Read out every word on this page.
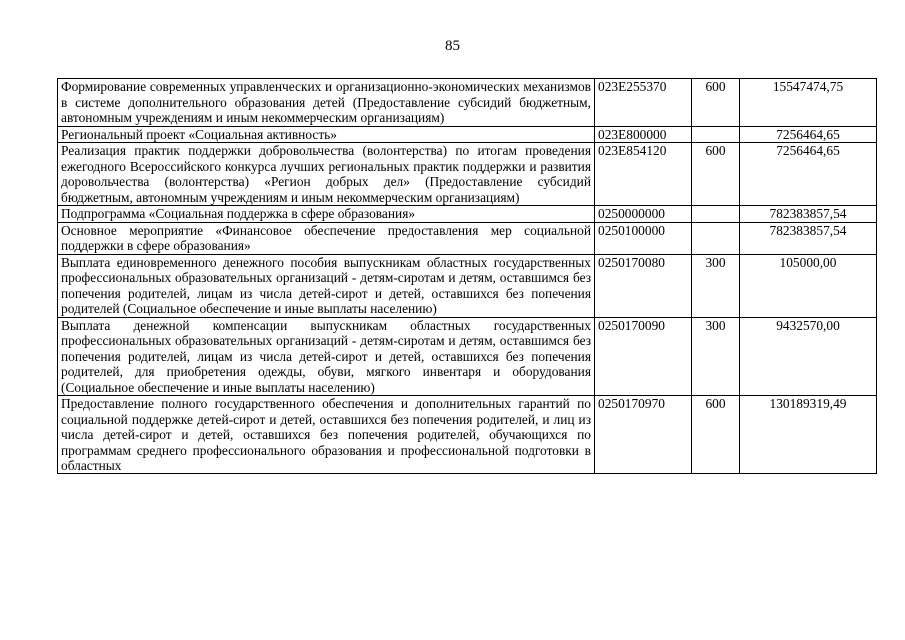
85
Формирование современных управленческих и организационно-экономических механизмов в системе дополнительного образования детей (Предоставление субсидий бюджетным, автономным учреждениям и иным некоммерческим организациям)	023E255370	600	15547474,75
Региональный проект «Социальная активность»	023E800000		7256464,65
Реализация практик поддержки добровольчества (волонтерства) по итогам проведения ежегодного Всероссийского конкурса лучших региональных практик поддержки и развития доровольчества (волонтерства) «Регион добрых дел» (Предоставление субсидий бюджетным, автономным учреждениям и иным некоммерческим организациям)	023E854120	600	7256464,65
Подпрограмма «Социальная поддержка в сфере образования»	0250000000		782383857,54
Основное мероприятие «Финансовое обеспечение предоставления мер социальной поддержки в сфере образования»	0250100000		782383857,54
Выплата единовременного денежного пособия выпускникам областных государственных профессиональных образовательных организаций - детям-сиротам и детям, оставшимся без попечения родителей, лицам из числа детей-сирот и детей, оставшихся без попечения родителей (Социальное обеспечение и иные выплаты населению)	0250170080	300	105000,00
Выплата денежной компенсации выпускникам областных государственных профессиональных образовательных организаций - детям-сиротам и детям, оставшимся без попечения родителей, лицам из числа детей-сирот и детей, оставшихся без попечения родителей, для приобретения одежды, обуви, мягкого инвентаря и оборудования (Социальное обеспечение и иные выплаты населению)	0250170090	300	9432570,00

Предоставление полного государственного обеспечения и дополнительных гарантий по социальной поддержке детей-сирот и детей, оставшихся без попечения родителей, и лиц из числа детей-сирот и детей, оставшихся без попечения родителей, обучающихся по программам среднего профессионального образования и профессиональной подготовки в областных	0250170970	600	130189319,49
